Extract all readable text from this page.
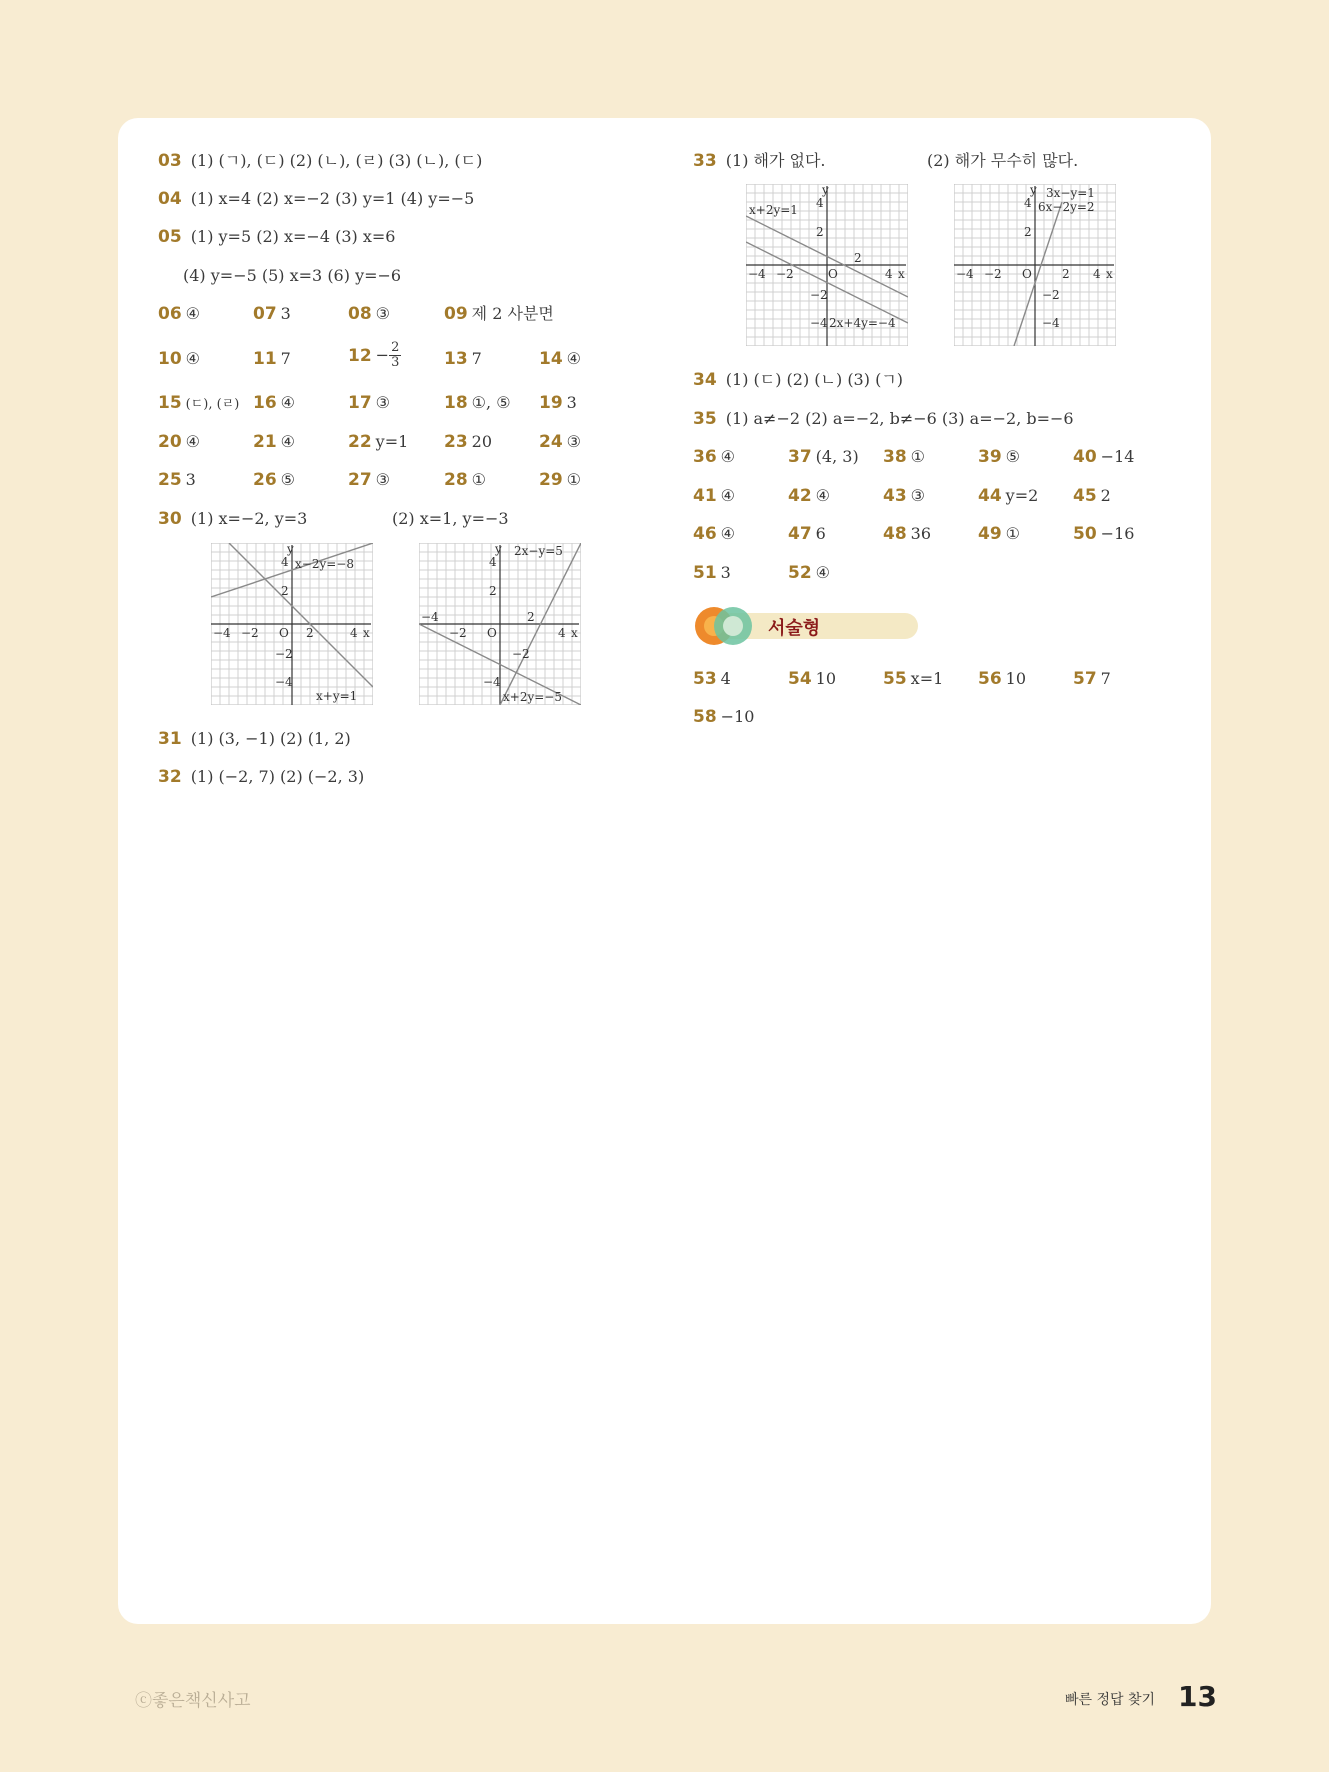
03 (1) (ㄱ), (ㄷ) (2) (ㄴ), (ㄹ) (3) (ㄴ), (ㄷ)
04 (1) x=4 (2) x=−2 (3) y=1 (4) y=−5
05 (1) y=5 (2) x=−4 (3) x=6
(4) y=−5 (5) x=3 (6) y=−6
06 ④	07 3	08 ③	09 제 2 사분면
10 ④	11 7	$12 - \frac{2}{3}$	13 7	14 ④
15 (ㄷ), (ㄹ) 16 ④	17 ③	18 ①, ⑤ 19 3
20 ④	21 ④	22 y=1 23 20	24 ③
25 3	26 ⑤	27 ③	28 ①	29 ①
30 (1) x=−2, y=3	(2) x=1, y=−3
y
x
−4 −2 O 2	4
2
−2
−4
4 x−2y=−8
x+y=1
y
x
−4
−2 O
2
4
2
−2
−4
4
2x−y=5
x+2y=−5
31 (1) (3, −1) (2) (1, 2)
32 (1) (−2, 7) (2) (−2, 3)
33 (1) 해가 없다.	(2) 해가 무수히 많다.
y
x
−4 −2	O
2
4
2
−2
−4
4
x+2y=1
2x+4y=−4
y
x
−4 −2 O	2 4
2
−2
−4
4
3x−y=1
6x−2y=2
34 (1) (ㄷ) (2) (ㄴ) (3) (ㄱ)
35 (1) a≠−2 (2) a=−2, b≠−6 (3) a=−2, b=−6
36 ④	37 (4, 3) 38 ①	39 ⑤	40 −14
41 ④	42 ④	43 ③	44 y=2 45 2
46 ④	47 6	48 36	49 ①	50 −16
51 3	52 ④
서술형
53 4	54 10	55 x=1 56 10	57 7
58 −10
ⓒ좋은책신사고	빠른 정답 찾기 13
